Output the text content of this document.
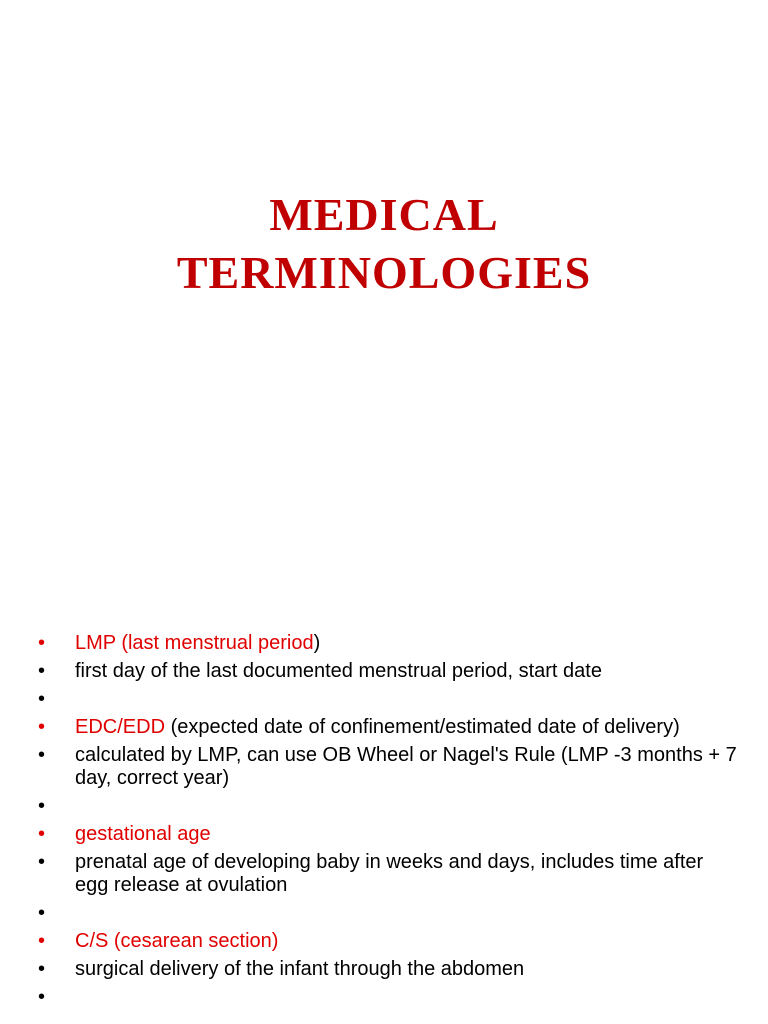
MEDICAL
TERMINOLOGIES
• LMP (last menstrual period)
• first day of the last documented menstrual period, start date
•
• EDC/EDD (expected date of confinement/estimated date of delivery)
• calculated by LMP, can use OB Wheel or Nagel's Rule (LMP -3 months + 7 day, correct year)
•
• gestational age
• prenatal age of developing baby in weeks and days, includes time after egg release at ovulation
•
• C/S (cesarean section)
• surgical delivery of the infant through the abdomen
•
